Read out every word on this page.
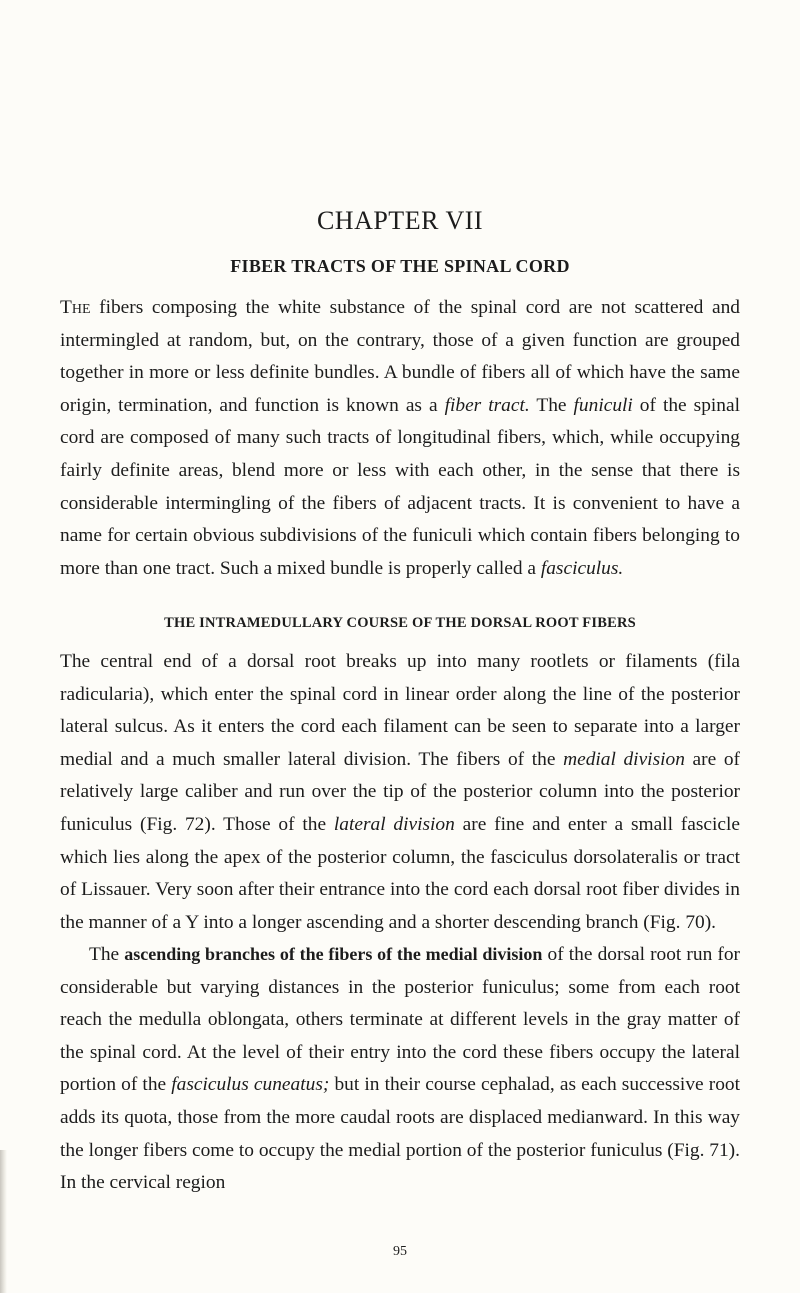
CHAPTER VII
FIBER TRACTS OF THE SPINAL CORD

The fibers composing the white substance of the spinal cord are not scattered and intermingled at random, but, on the contrary, those of a given function are grouped together in more or less definite bundles. A bundle of fibers all of which have the same origin, termination, and function is known as a fiber tract. The funiculi of the spinal cord are composed of many such tracts of longitudinal fibers, which, while occupying fairly definite areas, blend more or less with each other, in the sense that there is considerable intermingling of the fibers of adjacent tracts. It is convenient to have a name for certain obvious subdivisions of the funiculi which contain fibers belonging to more than one tract. Such a mixed bundle is properly called a fasciculus.

THE INTRAMEDULLARY COURSE OF THE DORSAL ROOT FIBERS

The central end of a dorsal root breaks up into many rootlets or filaments (fila radicularia), which enter the spinal cord in linear order along the line of the posterior lateral sulcus. As it enters the cord each filament can be seen to separate into a larger medial and a much smaller lateral division. The fibers of the medial division are of relatively large caliber and run over the tip of the posterior column into the posterior funiculus (Fig. 72). Those of the lateral division are fine and enter a small fascicle which lies along the apex of the posterior column, the fasciculus dorsolateralis or tract of Lissauer. Very soon after their entrance into the cord each dorsal root fiber divides in the manner of a Y into a longer ascending and a shorter descending branch (Fig. 70).

The ascending branches of the fibers of the medial division of the dorsal root run for considerable but varying distances in the posterior funiculus; some from each root reach the medulla oblongata, others terminate at different levels in the gray matter of the spinal cord. At the level of their entry into the cord these fibers occupy the lateral portion of the fasciculus cuneatus; but in their course cephalad, as each successive root adds its quota, those from the more caudal roots are displaced medianward. In this way the longer fibers come to occupy the medial portion of the posterior funiculus (Fig. 71). In the cervical region

95
